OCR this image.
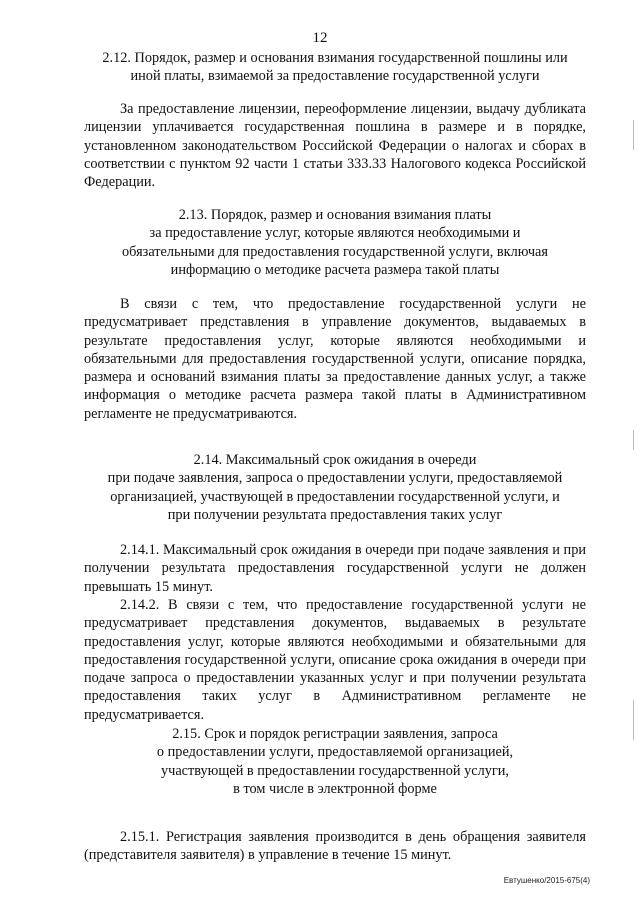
12
2.12. Порядок, размер и основания взимания государственной пошлины или
иной платы, взимаемой за предоставление государственной услуги
За предоставление лицензии, переоформление лицензии, выдачу дубликата лицензии уплачивается государственная пошлина в размере и в порядке, установленном законодательством Российской Федерации о налогах и сборах в соответствии с пунктом 92 части 1 статьи 333.33 Налогового кодекса Российской Федерации.
2.13. Порядок, размер и основания взимания платы
за предоставление услуг, которые являются необходимыми и
обязательными для предоставления государственной услуги, включая
информацию о методике расчета размера такой платы
В связи с тем, что предоставление государственной услуги не предусматривает представления в управление документов, выдаваемых в результате предоставления услуг, которые являются необходимыми и обязательными для предоставления государственной услуги, описание порядка, размера и оснований взимания платы за предоставление данных услуг, а также информация о методике расчета размера такой платы в Административном регламенте не предусматриваются.
2.14. Максимальный срок ожидания в очереди
при подаче заявления, запроса о предоставлении услуги, предоставляемой
организацией, участвующей в предоставлении государственной услуги, и
при получении результата предоставления таких услуг
2.14.1. Максимальный срок ожидания в очереди при подаче заявления и при получении результата предоставления государственной услуги не должен превышать 15 минут.
2.14.2. В связи с тем, что предоставление государственной услуги не предусматривает представления документов, выдаваемых в результате предоставления услуг, которые являются необходимыми и обязательными для предоставления государственной услуги, описание срока ожидания в очереди при подаче запроса о предоставлении указанных услуг и при получении результата предоставления таких услуг в Административном регламенте не предусматривается.
2.15. Срок и порядок регистрации заявления, запроса
о предоставлении услуги, предоставляемой организацией,
участвующей в предоставлении государственной услуги,
в том числе в электронной форме
2.15.1. Регистрация заявления производится в день обращения заявителя (представителя заявителя) в управление в течение 15 минут.
Евтушенко/2015-675(4)
